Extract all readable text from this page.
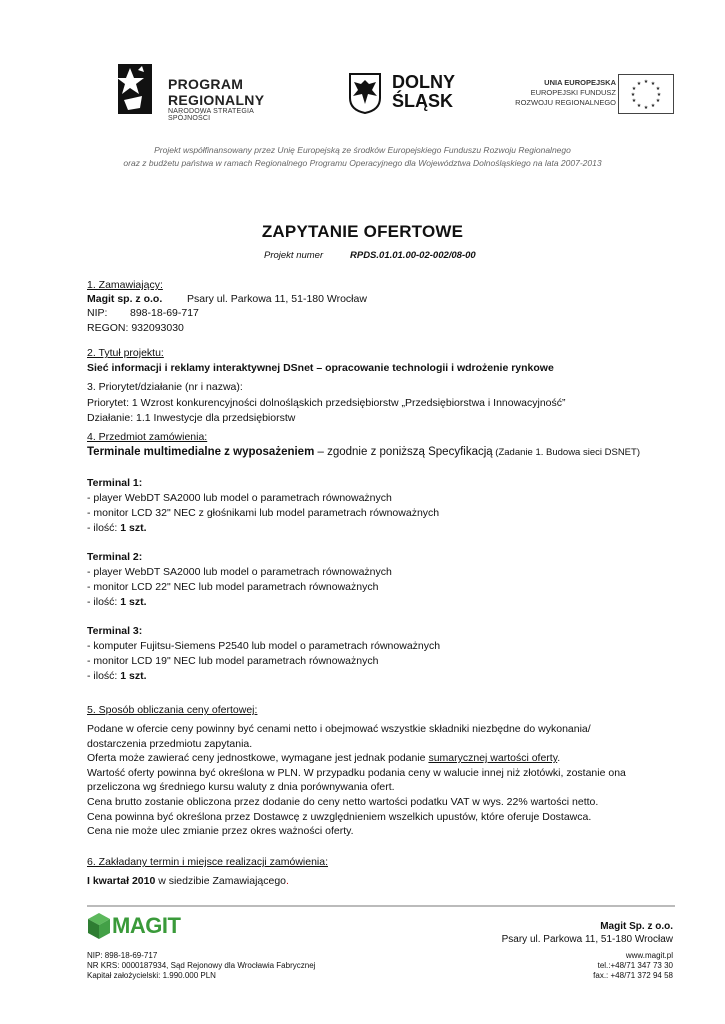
PROGRAM
REGIONALNY
NARODOWA STRATEGIA SPÓJNOŚCI
DOLNY
ŚLĄSK
UNIA EUROPEJSKA
EUROPEJSKI FUNDUSZ
ROZWOJU REGIONALNEGO
★ ★
★
★
★
★
★
★
★
★
★
★
Projekt współfinansowany przez Unię Europejską ze środków Europejskiego Funduszu Rozwoju Regionalnego
oraz z budżetu państwa w ramach Regionalnego Programu Operacyjnego dla Województwa Dolnośląskiego na lata 2007-2013
ZAPYTANIE OFERTOWE
Projekt numer	RPDS.01.01.00-02-002/08-00
1. Zamawiający:
Magit sp. z o.o. Psary ul. Parkowa 11, 51-180 Wrocław
NIP: 898-18-69-717
REGON: 932093030
2. Tytuł projektu:
Sieć informacji i reklamy interaktywnej DSnet – opracowanie technologii i wdrożenie rynkowe
3. Priorytet/działanie (nr i nazwa):
Priorytet: 1 Wzrost konkurencyjności dolnośląskich przedsiębiorstw „Przedsiębiorstwa i Innowacyjność”
Działanie: 1.1 Inwestycje dla przedsiębiorstw
4. Przedmiot zamówienia:
Terminale multimedialne z wyposażeniem – zgodnie z poniższą Specyfikacją (Zadanie 1. Budowa sieci DSNET)
Terminal 1:
- player WebDT SA2000 lub model o parametrach równoważnych
- monitor LCD 32" NEC z głośnikami lub model parametrach równoważnych
- ilość: 1 szt.
Terminal 2:
- player WebDT SA2000 lub model o parametrach równoważnych
- monitor LCD 22" NEC lub model parametrach równoważnych
- ilość: 1 szt.
Terminal 3:
- komputer Fujitsu-Siemens P2540 lub model o parametrach równoważnych
- monitor LCD 19" NEC lub model parametrach równoważnych
- ilość: 1 szt.
5. Sposób obliczania ceny ofertowej:
Podane w ofercie ceny powinny być cenami netto i obejmować wszystkie składniki niezbędne do wykonania/
dostarczenia przedmiotu zapytania.
Oferta może zawierać ceny jednostkowe, wymagane jest jednak podanie sumarycznej wartości oferty.
Wartość oferty powinna być określona w PLN. W przypadku podania ceny w walucie innej niż złotówki, zostanie ona
przeliczona wg średniego kursu waluty z dnia porównywania ofert.
Cena brutto zostanie obliczona przez dodanie do ceny netto wartości podatku VAT w wys. 22% wartości netto.
Cena powinna być określona przez Dostawcę z uwzględnieniem wszelkich upustów, które oferuje Dostawca.
Cena nie może ulec zmianie przez okres ważności oferty.
6. Zakładany termin i miejsce realizacji zamówienia:
I kwartał 2010 w siedzibie Zamawiającego.
MAGIT	Magit Sp. z o.o.
Psary ul. Parkowa 11, 51-180 Wrocław
NIP: 898-18-69-717
NR KRS: 0000187934, Sąd Rejonowy dla Wrocławia Fabrycznej
Kapitał założycielski: 1.990.000 PLN
www.magit.pl
tel.:+48/71 347 73 30
fax.: +48/71 372 94 58
